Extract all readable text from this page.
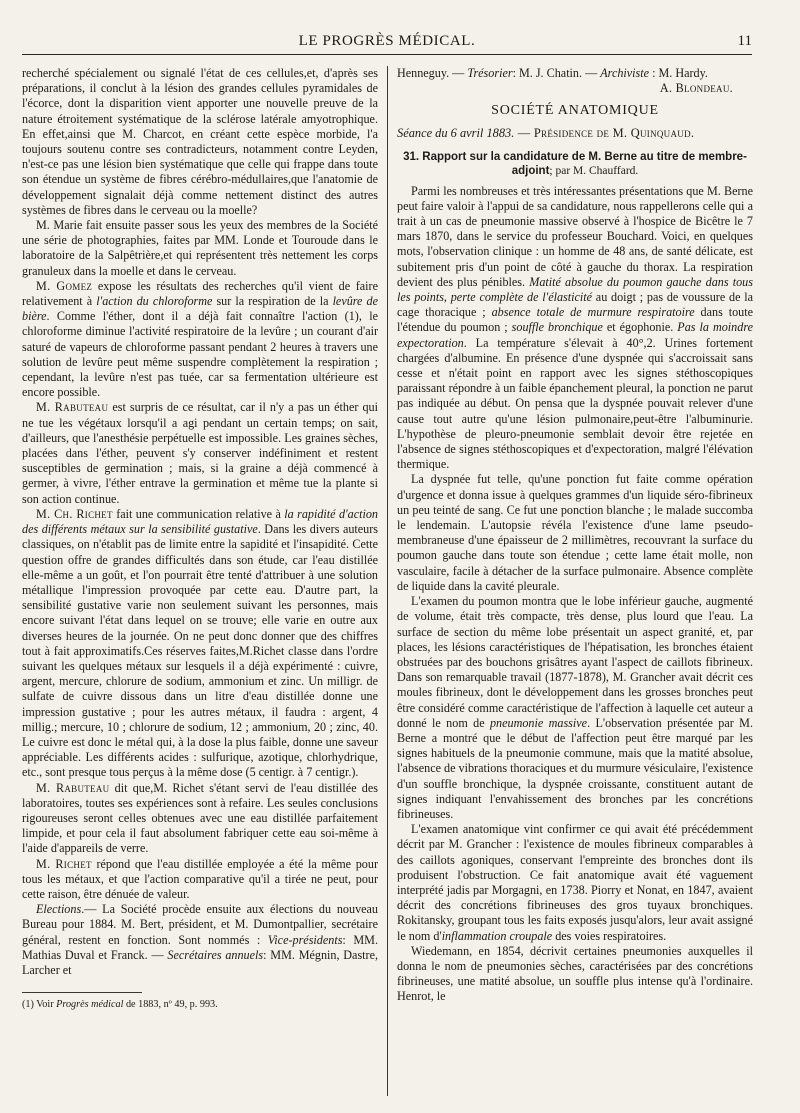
LE PROGRÈS MÉDICAL.	11

recherché spécialement ou signalé l'état de ces cellules,et, d'après ses préparations, il conclut à la lésion des grandes cellules pyramidales de l'écorce, dont la disparition vient apporter une nouvelle preuve de la nature étroitement systématique de la sclérose latérale amyotrophique. En effet,ainsi que M. Charcot, en créant cette espèce morbide, l'a toujours soutenu contre ses contradicteurs, notamment contre Leyden, n'est-ce pas une lésion bien systématique que celle qui frappe dans toute son étendue un système de fibres cérébro-médullaires,que l'anatomie de développement signalait déjà comme nettement distinct des autres systèmes de fibres dans le cerveau ou la moelle?

M. Marie fait ensuite passer sous les yeux des membres de la Société une série de photographies, faites par MM. Londe et Touroude dans le laboratoire de la Salpêtrière,et qui représentent très nettement les corps granuleux dans la moelle et dans le cerveau.

M. Gomez expose les résultats des recherches qu'il vient de faire relativement à l'action du chloroforme sur la respiration de la levûre de bière. Comme l'éther, dont il a déjà fait connaître l'action (1), le chloroforme diminue l'activité respiratoire de la levûre ; un courant d'air saturé de vapeurs de chloroforme passant pendant 2 heures à travers une solution de levûre peut même suspendre complètement la respiration ; cependant, la levûre n'est pas tuée, car sa fermentation ultérieure est encore possible.

M. Rabuteau est surpris de ce résultat, car il n'y a pas un éther qui ne tue les végétaux lorsqu'il a agi pendant un certain temps; on sait, d'ailleurs, que l'anesthésie perpétuelle est impossible. Les graines sèches, placées dans l'éther, peuvent s'y conserver indéfiniment et restent susceptibles de germination ; mais, si la graine a déjà commencé à germer, à vivre, l'éther entrave la germination et même tue la plante si son action continue.

M. Ch. Richet fait une communication relative à la rapidité d'action des différents métaux sur la sensibilité gustative. Dans les divers auteurs classiques, on n'établit pas de limite entre la sapidité et l'insapidité. Cette question offre de grandes difficultés dans son étude, car l'eau distillée elle-même a un goût, et l'on pourrait être tenté d'attribuer à une solution métallique l'impression provoquée par cette eau. D'autre part, la sensibilité gustative varie non seulement suivant les personnes, mais encore suivant l'état dans lequel on se trouve; elle varie en outre aux diverses heures de la journée. On ne peut donc donner que des chiffres tout à fait approximatifs.Ces réserves faites,M.Richet classe dans l'ordre suivant les quelques métaux sur lesquels il a déjà expérimenté : cuivre, argent, mercure, chlorure de sodium, ammonium et zinc. Un milligr. de sulfate de cuivre dissous dans un litre d'eau distillée donne une impression gustative ; pour les autres métaux, il faudra : argent, 4 millig.; mercure, 10 ; chlorure de sodium, 12 ; ammonium, 20 ; zinc, 40. Le cuivre est donc le métal qui, à la dose la plus faible, donne une saveur appréciable. Les différents acides : sulfurique, azotique, chlorhydrique, etc., sont presque tous perçus à la même dose (5 centigr. à 7 centigr.).

M. Rabuteau dit que,M. Richet s'étant servi de l'eau distillée des laboratoires, toutes ses expériences sont à refaire. Les seules conclusions rigoureuses seront celles obtenues avec une eau distillée parfaitement limpide, et pour cela il faut absolument fabriquer cette eau soi-même à l'aide d'appareils de verre.

M. Richet répond que l'eau distillée employée a été la même pour tous les métaux, et que l'action comparative qu'il a tirée ne peut, pour cette raison, être dénuée de valeur.

Elections.— La Société procède ensuite aux élections du nouveau Bureau pour 1884. M. Bert, président, et M. Dumontpallier, secrétaire général, restent en fonction. Sont nommés : Vice-présidents: MM. Mathias Duval et Franck. — Secrétaires annuels: MM. Mégnin, Dastre, Larcher et

(1) Voir Progrès médical de 1883, nº 49, p. 993.

Henneguy. — Trésorier: M. J. Chatin. — Archiviste : M. Hardy.
A. Blondeau.

SOCIÉTÉ ANATOMIQUE

Séance du 6 avril 1883. — Présidence de M. Quinquaud.

31. Rapport sur la candidature de M. Berne au titre de membre-adjoint; par M. Chauffard.

Parmi les nombreuses et très intéressantes présentations que M. Berne peut faire valoir à l'appui de sa candidature, nous rappellerons celle qui a trait à un cas de pneumonie massive observé à l'hospice de Bicêtre le 7 mars 1870, dans le service du professeur Bouchard. Voici, en quelques mots, l'observation clinique : un homme de 48 ans, de santé délicate, est subitement pris d'un point de côté à gauche du thorax. La respiration devient des plus pénibles. Matité absolue du poumon gauche dans tous les points, perte complète de l'élasticité au doigt ; pas de voussure de la cage thoracique ; absence totale de murmure respiratoire dans toute l'étendue du poumon ; souffle bronchique et égophonie. Pas la moindre expectoration. La température s'élevait à 40°,2. Urines fortement chargées d'albumine. En présence d'une dyspnée qui s'accroissait sans cesse et n'était point en rapport avec les signes stéthoscopiques paraissant répondre à un faible épanchement pleural, la ponction ne parut pas indiquée au début. On pensa que la dyspnée pouvait relever d'une cause tout autre qu'une lésion pulmonaire,peut-être l'albuminurie. L'hypothèse de pleuro-pneumonie semblait devoir être rejetée en l'absence de signes stéthoscopiques et d'expectoration, malgré l'élévation thermique.

La dyspnée fut telle, qu'une ponction fut faite comme opération d'urgence et donna issue à quelques grammes d'un liquide séro-fibrineux un peu teinté de sang. Ce fut une ponction blanche ; le malade succomba le lendemain. L'autopsie révéla l'existence d'une lame pseudo-membraneuse d'une épaisseur de 2 millimètres, recouvrant la surface du poumon gauche dans toute son étendue ; cette lame était molle, non vasculaire, facile à détacher de la surface pulmonaire. Absence complète de liquide dans la cavité pleurale.

L'examen du poumon montra que le lobe inférieur gauche, augmenté de volume, était très compacte, très dense, plus lourd que l'eau. La surface de section du même lobe présentait un aspect granité, et, par places, les lésions caractéristiques de l'hépatisation, les bronches étaient obstruées par des bouchons grisâtres ayant l'aspect de caillots fibrineux. Dans son remarquable travail (1877-1878), M. Grancher avait décrit ces moules fibrineux, dont le développement dans les grosses bronches peut être considéré comme caractéristique de l'affection à laquelle cet auteur a donné le nom de pneumonie massive. L'observation présentée par M. Berne a montré que le début de l'affection peut être marqué par les signes habituels de la pneumonie commune, mais que la matité absolue, l'absence de vibrations thoraciques et du murmure vésiculaire, l'existence d'un souffle bronchique, la dyspnée croissante, constituent autant de signes indiquant l'envahissement des bronches par les concrétions fibrineuses.

L'examen anatomique vint confirmer ce qui avait été précédemment décrit par M. Grancher : l'existence de moules fibrineux comparables à des caillots agoniques, conservant l'empreinte des bronches dont ils produisent l'obstruction. Ce fait anatomique avait été vaguement interprété jadis par Morgagni, en 1738. Piorry et Nonat, en 1847, avaient décrit des concrétions fibrineuses des gros tuyaux bronchiques. Rokitansky, groupant tous les faits exposés jusqu'alors, leur avait assigné le nom d'inflammation croupale des voies respiratoires.

Wiedemann, en 1854, décrivit certaines pneumonies auxquelles il donna le nom de pneumonies sèches, caractérisées par des concrétions fibrineuses, une matité absolue, un souffle plus intense qu'à l'ordinaire. Henrot, le
